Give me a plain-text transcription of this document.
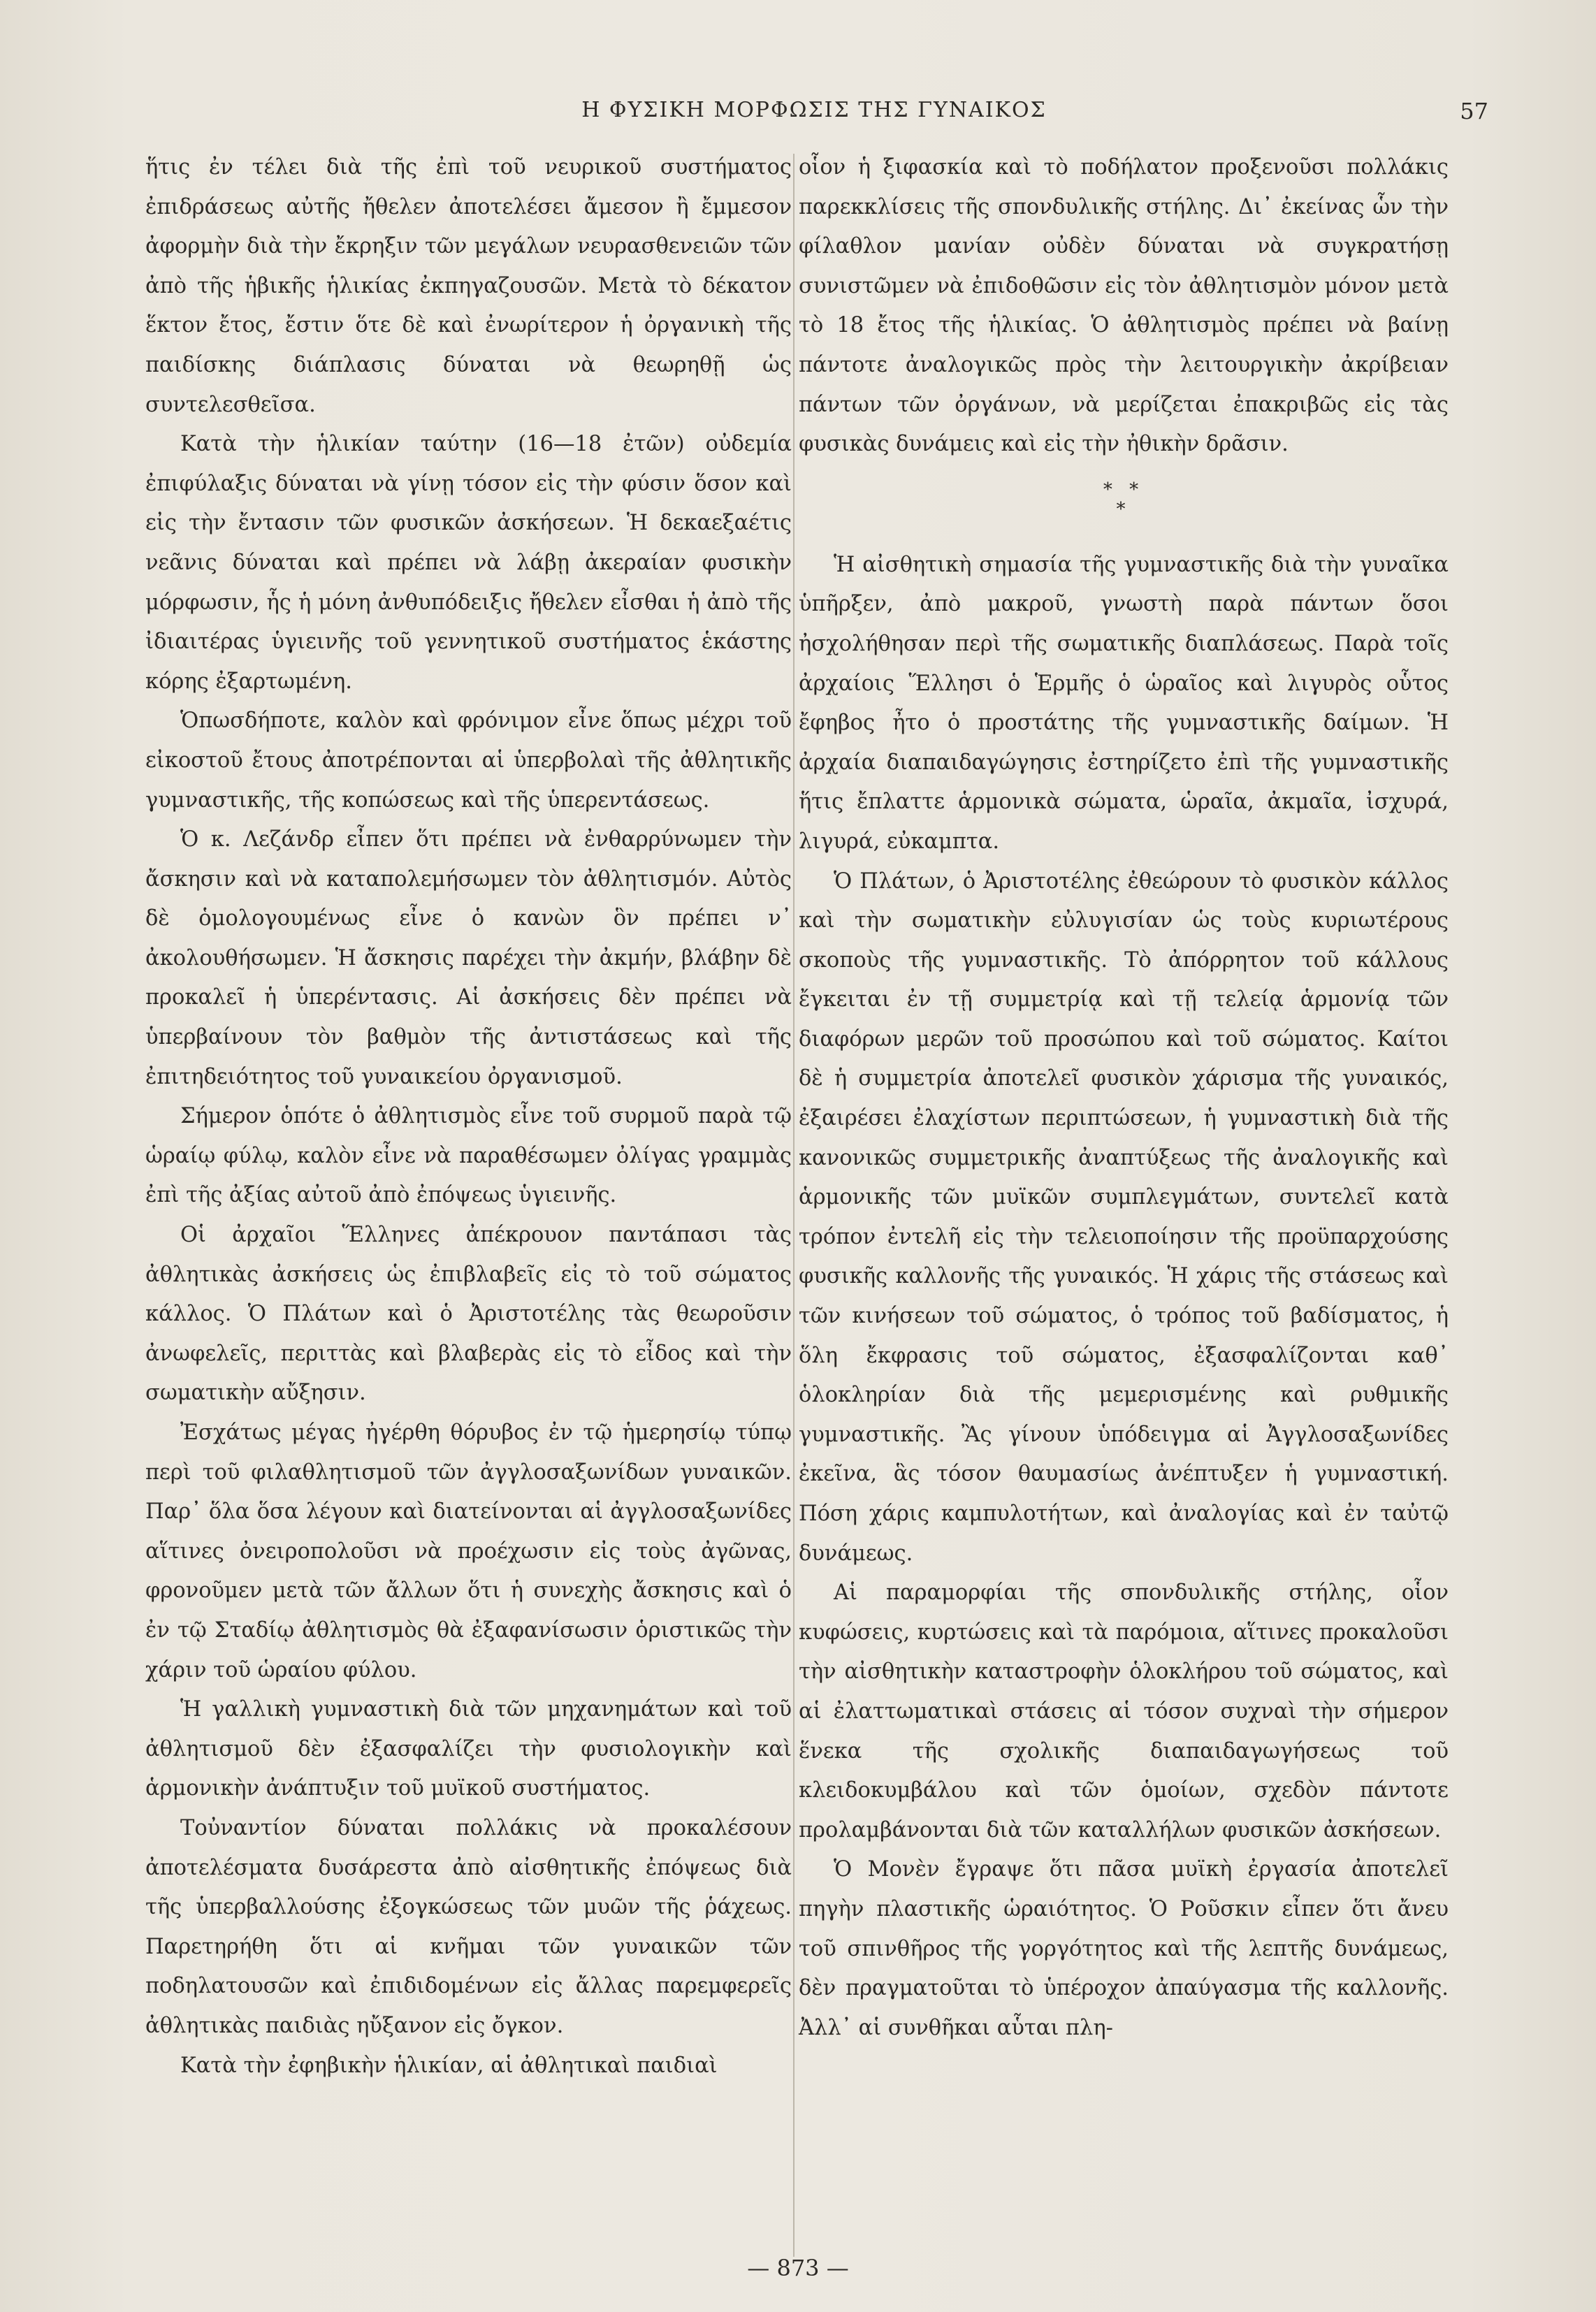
Η ΦΥΣΙΚΗ ΜΟΡΦΩΣΙΣ ΤΗΣ ΓΥΝΑΙΚΟΣ	57

ἥτις ἐν τέλει διὰ τῆς ἐπὶ τοῦ νευρικοῦ συστήματος ἐπιδράσεως αὐτῆς ἤθελεν ἀποτελέσει ἄμεσον ἢ ἔμμεσον ἀφορμὴν διὰ τὴν ἔκρηξιν τῶν μεγάλων νευρασθενειῶν τῶν ἀπὸ τῆς ἡβικῆς ἡλικίας ἐκπηγαζουσῶν. Μετὰ τὸ δέκατον ἕκτον ἔτος, ἔστιν ὅτε δὲ καὶ ἐνωρίτερον ἡ ὀργανικὴ τῆς παιδίσκης διάπλασις δύναται νὰ θεωρηθῇ ὡς συντελεσθεῖσα.

Κατὰ τὴν ἡλικίαν ταύτην (16—18 ἐτῶν) οὐδεμία ἐπιφύλαξις δύναται νὰ γίνῃ τόσον εἰς τὴν φύσιν ὅσον καὶ εἰς τὴν ἔντασιν τῶν φυσικῶν ἀσκήσεων. Ἡ δεκαεξαέτις νεᾶνις δύναται καὶ πρέπει νὰ λάβῃ ἀκεραίαν φυσικὴν μόρφωσιν, ἧς ἡ μόνη ἀνθυπόδειξις ἤθελεν εἶσθαι ἡ ἀπὸ τῆς ἰδιαιτέρας ὑγιεινῆς τοῦ γεννητικοῦ συστήματος ἑκάστης κόρης ἐξαρτωμένη.

Ὁπωσδήποτε, καλὸν καὶ φρόνιμον εἶνε ὅπως μέχρι τοῦ εἰκοστοῦ ἔτους ἀποτρέπονται αἱ ὑπερβολαὶ τῆς ἀθλητικῆς γυμναστικῆς, τῆς κοπώσεως καὶ τῆς ὑπερεντάσεως.

Ὁ κ. Λεζάνδρ εἶπεν ὅτι πρέπει νὰ ἐνθαρρύνωμεν τὴν ἄσκησιν καὶ νὰ καταπολεμήσωμεν τὸν ἀθλητισμόν. Αὐτὸς δὲ ὁμολογουμένως εἶνε ὁ κανὼν ὃν πρέπει ν᾽ ἀκολουθήσωμεν. Ἡ ἄσκησις παρέχει τὴν ἀκμήν, βλάβην δὲ προκαλεῖ ἡ ὑπερέντασις. Αἱ ἀσκήσεις δὲν πρέπει νὰ ὑπερβαίνουν τὸν βαθμὸν τῆς ἀντιστάσεως καὶ τῆς ἐπιτηδειότητος τοῦ γυναικείου ὀργανισμοῦ.

Σήμερον ὁπότε ὁ ἀθλητισμὸς εἶνε τοῦ συρμοῦ παρὰ τῷ ὡραίῳ φύλῳ, καλὸν εἶνε νὰ παραθέσωμεν ὀλίγας γραμμὰς ἐπὶ τῆς ἀξίας αὐτοῦ ἀπὸ ἐπόψεως ὑγιεινῆς.

Οἱ ἀρχαῖοι Ἕλληνες ἀπέκρουον παντάπασι τὰς ἀθλητικὰς ἀσκήσεις ὡς ἐπιβλαβεῖς εἰς τὸ τοῦ σώματος κάλλος. Ὁ Πλάτων καὶ ὁ Ἀριστοτέλης τὰς θεωροῦσιν ἀνωφελεῖς, περιττὰς καὶ βλαβερὰς εἰς τὸ εἶδος καὶ τὴν σωματικὴν αὔξησιν.

Ἐσχάτως μέγας ἠγέρθη θόρυβος ἐν τῷ ἡμερησίῳ τύπῳ περὶ τοῦ φιλαθλητισμοῦ τῶν ἀγγλοσαξωνίδων γυναικῶν. Παρ᾽ ὅλα ὅσα λέγουν καὶ διατείνονται αἱ ἀγγλοσαξωνίδες αἵτινες ὀνειροπολοῦσι νὰ προέχωσιν εἰς τοὺς ἀγῶνας, φρονοῦμεν μετὰ τῶν ἄλλων ὅτι ἡ συνεχὴς ἄσκησις καὶ ὁ ἐν τῷ Σταδίῳ ἀθλητισμὸς θὰ ἐξαφανίσωσιν ὁριστικῶς τὴν χάριν τοῦ ὡραίου φύλου.

Ἡ γαλλικὴ γυμναστικὴ διὰ τῶν μηχανημάτων καὶ τοῦ ἀθλητισμοῦ δὲν ἐξασφαλίζει τὴν φυσιολογικὴν καὶ ἁρμονικὴν ἀνάπτυξιν τοῦ μυϊκοῦ συστήματος.

Τοὐναντίον δύναται πολλάκις νὰ προκαλέσουν ἀποτελέσματα δυσάρεστα ἀπὸ αἰσθητικῆς ἐπόψεως διὰ τῆς ὑπερβαλλούσης ἐξογκώσεως τῶν μυῶν τῆς ῥάχεως. Παρετηρήθη ὅτι αἱ κνῆμαι τῶν γυναικῶν τῶν ποδηλατουσῶν καὶ ἐπιδιδομένων εἰς ἄλλας παρεμφερεῖς ἀθλητικὰς παιδιὰς ηὔξανον εἰς ὄγκον.

Κατὰ τὴν ἐφηβικὴν ἡλικίαν, αἱ ἀθλητικαὶ παιδιαὶ

οἷον ἡ ξιφασκία καὶ τὸ ποδήλατον προξενοῦσι πολλάκις παρεκκλίσεις τῆς σπονδυλικῆς στήλης. Δι᾽ ἐκείνας ὧν τὴν φίλαθλον μανίαν οὐδὲν δύναται νὰ συγκρατήσῃ συνιστῶμεν νὰ ἐπιδοθῶσιν εἰς τὸν ἀθλητισμὸν μόνον μετὰ τὸ 18 ἔτος τῆς ἡλικίας. Ὁ ἀθλητισμὸς πρέπει νὰ βαίνῃ πάντοτε ἀναλογικῶς πρὸς τὴν λειτουργικὴν ἀκρίβειαν πάντων τῶν ὀργάνων, νὰ μερίζεται ἐπακριβῶς εἰς τὰς φυσικὰς δυνάμεις καὶ εἰς τὴν ἠθικὴν δρᾶσιν.

* *
*

Ἡ αἰσθητικὴ σημασία τῆς γυμναστικῆς διὰ τὴν γυναῖκα ὑπῆρξεν, ἀπὸ μακροῦ, γνωστὴ παρὰ πάντων ὅσοι ἠσχολήθησαν περὶ τῆς σωματικῆς διαπλάσεως. Παρὰ τοῖς ἀρχαίοις Ἕλλησι ὁ Ἑρμῆς ὁ ὡραῖος καὶ λιγυρὸς οὗτος ἔφηβος ἦτο ὁ προστάτης τῆς γυμναστικῆς δαίμων. Ἡ ἀρχαία διαπαιδαγώγησις ἐστηρίζετο ἐπὶ τῆς γυμναστικῆς ἥτις ἔπλαττε ἁρμονικὰ σώματα, ὡραῖα, ἀκμαῖα, ἰσχυρά, λιγυρά, εὐκαμπτα.

Ὁ Πλάτων, ὁ Ἀριστοτέλης ἐθεώρουν τὸ φυσικὸν κάλλος καὶ τὴν σωματικὴν εὐλυγισίαν ὡς τοὺς κυριωτέρους σκοποὺς τῆς γυμναστικῆς. Τὸ ἀπόρρητον τοῦ κάλλους ἔγκειται ἐν τῇ συμμετρίᾳ καὶ τῇ τελείᾳ ἁρμονίᾳ τῶν διαφόρων μερῶν τοῦ προσώπου καὶ τοῦ σώματος. Καίτοι δὲ ἡ συμμετρία ἀποτελεῖ φυσικὸν χάρισμα τῆς γυναικός, ἐξαιρέσει ἐλαχίστων περιπτώσεων, ἡ γυμναστικὴ διὰ τῆς κανονικῶς συμμετρικῆς ἀναπτύξεως τῆς ἀναλογικῆς καὶ ἁρμονικῆς τῶν μυϊκῶν συμπλεγμάτων, συντελεῖ κατὰ τρόπον ἐντελῆ εἰς τὴν τελειοποίησιν τῆς προϋπαρχούσης φυσικῆς καλλονῆς τῆς γυναικός. Ἡ χάρις τῆς στάσεως καὶ τῶν κινήσεων τοῦ σώματος, ὁ τρόπος τοῦ βαδίσματος, ἡ ὅλη ἔκφρασις τοῦ σώματος, ἐξασφαλίζονται καθ᾽ ὁλοκληρίαν διὰ τῆς μεμερισμένης καὶ ρυθμικῆς γυμναστικῆς. Ἂς γίνουν ὑπόδειγμα αἱ Ἀγγλοσαξωνίδες ἐκεῖνα, ἃς τόσον θαυμασίως ἀνέπτυξεν ἡ γυμναστική. Πόση χάρις καμπυλοτήτων, καὶ ἀναλογίας καὶ ἐν ταὐτῷ δυνάμεως.

Αἱ παραμορφίαι τῆς σπονδυλικῆς στήλης, οἷον κυφώσεις, κυρτώσεις καὶ τὰ παρόμοια, αἵτινες προκαλοῦσι τὴν αἰσθητικὴν καταστροφὴν ὁλοκλήρου τοῦ σώματος, καὶ αἱ ἐλαττωματικαὶ στάσεις αἱ τόσον συχναὶ τὴν σήμερον ἕνεκα τῆς σχολικῆς διαπαιδαγωγήσεως τοῦ κλειδοκυμβάλου καὶ τῶν ὁμοίων, σχεδὸν πάντοτε προλαμβάνονται διὰ τῶν καταλλήλων φυσικῶν ἀσκήσεων.

Ὁ Μονὲν ἔγραψε ὅτι πᾶσα μυϊκὴ ἐργασία ἀποτελεῖ πηγὴν πλαστικῆς ὡραιότητος. Ὁ Ροῦσκιν εἶπεν ὅτι ἄνευ τοῦ σπινθῆρος τῆς γοργότητος καὶ τῆς λεπτῆς δυνάμεως, δὲν πραγματοῦται τὸ ὑπέροχον ἀπαύγασμα τῆς καλλονῆς. Ἀλλ᾽ αἱ συνθῆκαι αὗται πλη-

— 873 —
